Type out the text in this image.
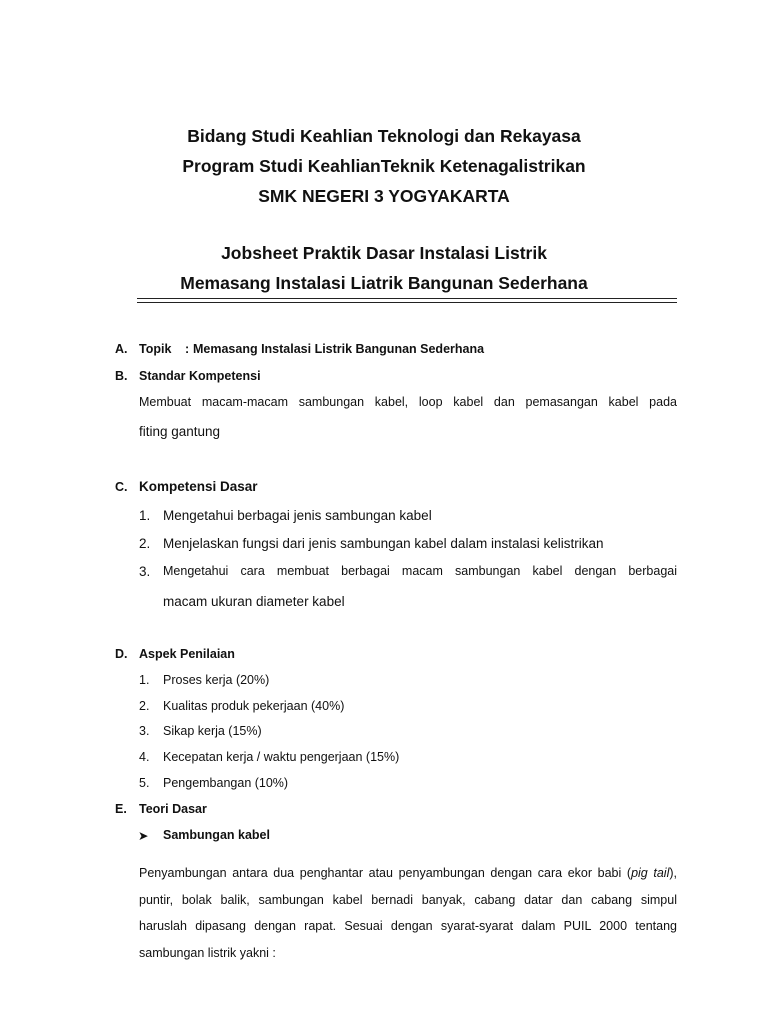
Bidang Studi Keahlian Teknologi dan Rekayasa
Program Studi KeahlianTeknik Ketenagalistrikan
SMK NEGERI 3 YOGYAKARTA
Jobsheet Praktik Dasar Instalasi Listrik
Memasang Instalasi Liatrik Bangunan Sederhana
A. Topik : Memasang Instalasi Listrik Bangunan Sederhana
B. Standar Kompetensi
Membuat macam-macam sambungan kabel, loop kabel dan pemasangan kabel pada
fiting gantung
C. Kompetensi Dasar
1. Mengetahui berbagai jenis sambungan kabel
2. Menjelaskan fungsi dari jenis sambungan kabel dalam instalasi kelistrikan
3. Mengetahui cara membuat berbagai macam sambungan kabel dengan berbagai
macam ukuran diameter kabel
D. Aspek Penilaian
1. Proses kerja (20%)
2. Kualitas produk pekerjaan (40%)
3. Sikap kerja (15%)
4. Kecepatan kerja / waktu pengerjaan (15%)
5. Pengembangan (10%)
E. Teori Dasar
➤ Sambungan kabel
Penyambungan antara dua penghantar atau penyambungan dengan cara ekor babi (pig tail),
puntir, bolak balik, sambungan kabel bernadi banyak, cabang datar dan cabang simpul
haruslah dipasang dengan rapat. Sesuai dengan syarat-syarat dalam PUIL 2000 tentang
sambungan listrik yakni :
